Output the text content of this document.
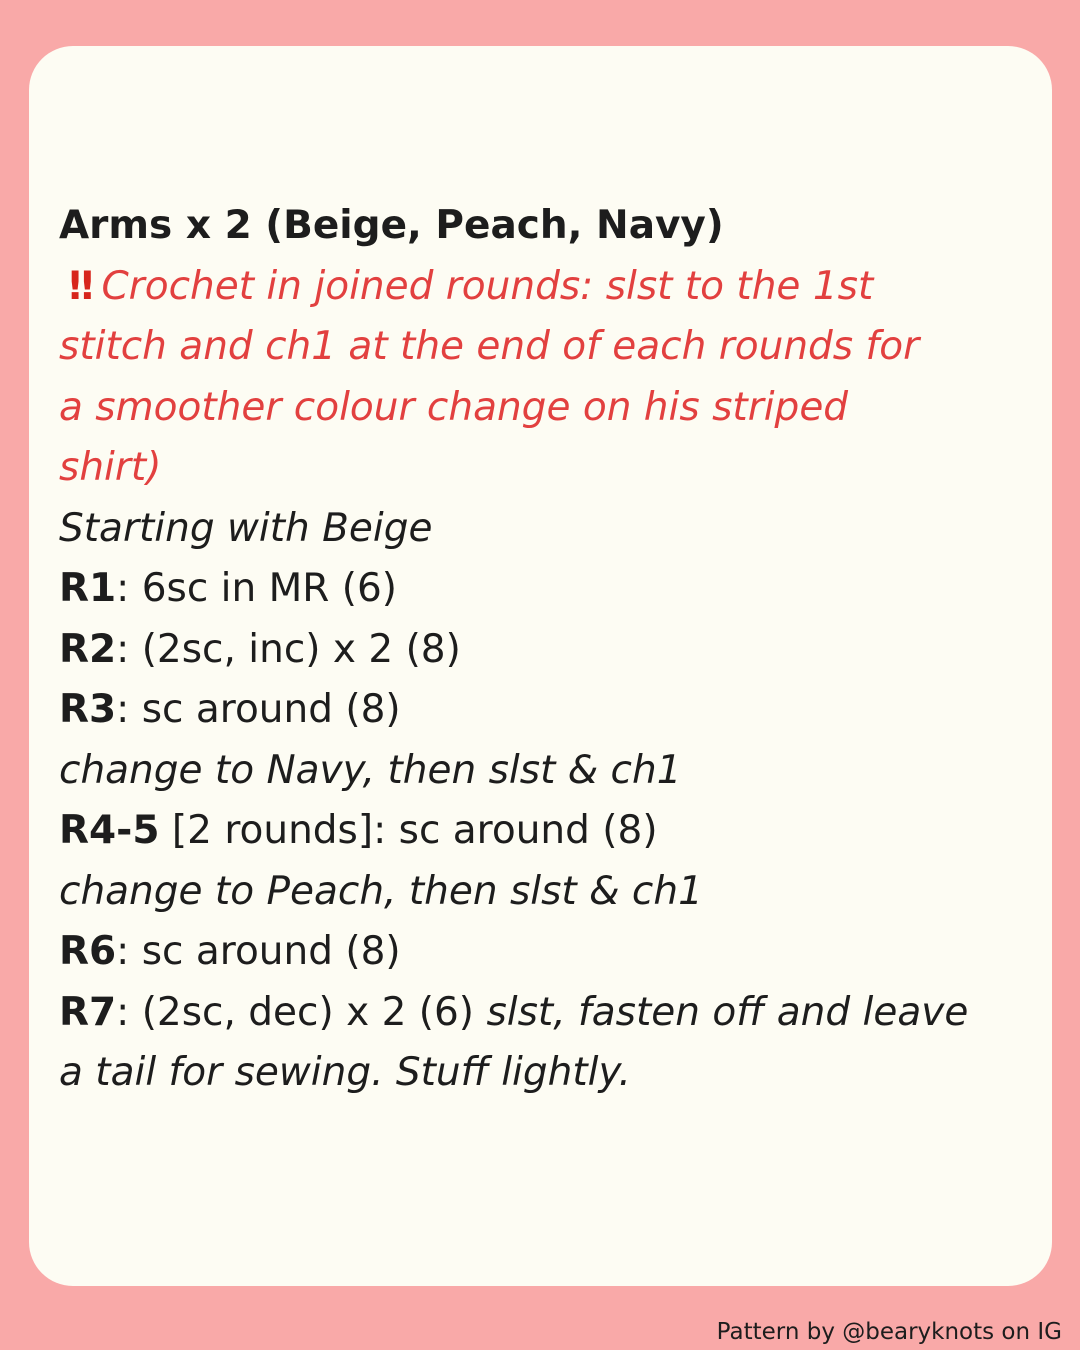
Arms x 2 (Beige, Peach, Navy)
‼ Crochet in joined rounds: slst to the 1st
stitch and ch1 at the end of each rounds for
a smoother colour change on his striped
shirt)
Starting with Beige
R1: 6sc in MR (6)
R2: (2sc, inc) x 2 (8)
R3: sc around (8)
change to Navy, then slst & ch1
R4-5 [2 rounds]: sc around (8)
change to Peach, then slst & ch1
R6: sc around (8)
R7: (2sc, dec) x 2 (6) slst, fasten off and leave
a tail for sewing. Stuff lightly.
Pattern by @bearyknots on IG
